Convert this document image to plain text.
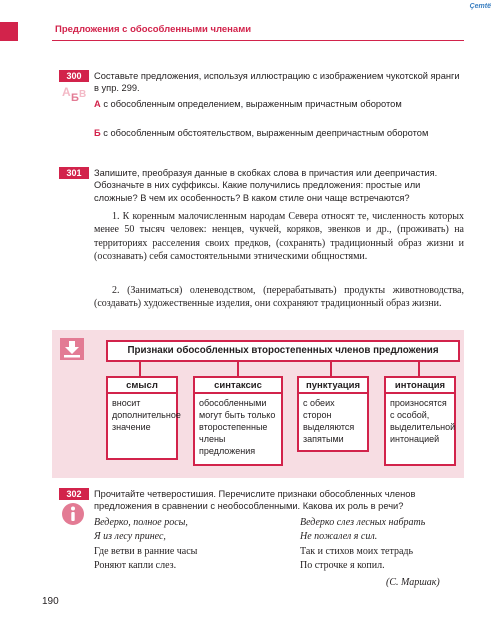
Çemtë
Предложения с обособленными членами
300
А Б В
Составьте предложения, используя иллюстрацию с изображением чукотской яранги в упр. 299.
А с обособленным определением, выраженным причастным оборотом
Б с обособленным обстоятельством, выраженным деепричастным оборотом
301	Запишите, преобразуя данные в скобках слова в причастия или деепричастия. Обозначьте в них суффиксы. Какие получились предложения: простые или сложные? В чем их особенность? В каком стиле они чаще встречаются?
1. К коренным малочисленным народам Севера относят те, численность которых менее 50 тысяч человек: ненцев, чукчей, коряков, эвенков и др., (проживать) на территориях расселения своих предков, (сохранять) традиционный образ жизни и (осознавать) себя самостоятельными этническими общностями.
2. (Заниматься) оленеводством, (перерабатывать) продукты животноводства, (создавать) художественные изделия, они сохраняют традиционный образ жизни.
Признаки обособленных второстепенных членов предложения
смысл
вносит дополнительное значение
синтаксис
обособленными могут быть только второстепенные члены предложения
пунктуация
с обеих сторон выделяются запятыми
интонация
произносятся с особой, выделительной интонацией
302	Прочитайте четверостишия. Перечислите признаки обособленных членов предложения в сравнении с необособленными. Какова их роль в речи?
Ведерко, полное росы,
Я из лесу принес,
Где ветви в ранние часы
Роняют капли слез.
Ведерко слез лесных набрать
Не пожалел я сил.
Так и стихов моих тетрадь
По строчке я копил.
(С. Маршак)
190
